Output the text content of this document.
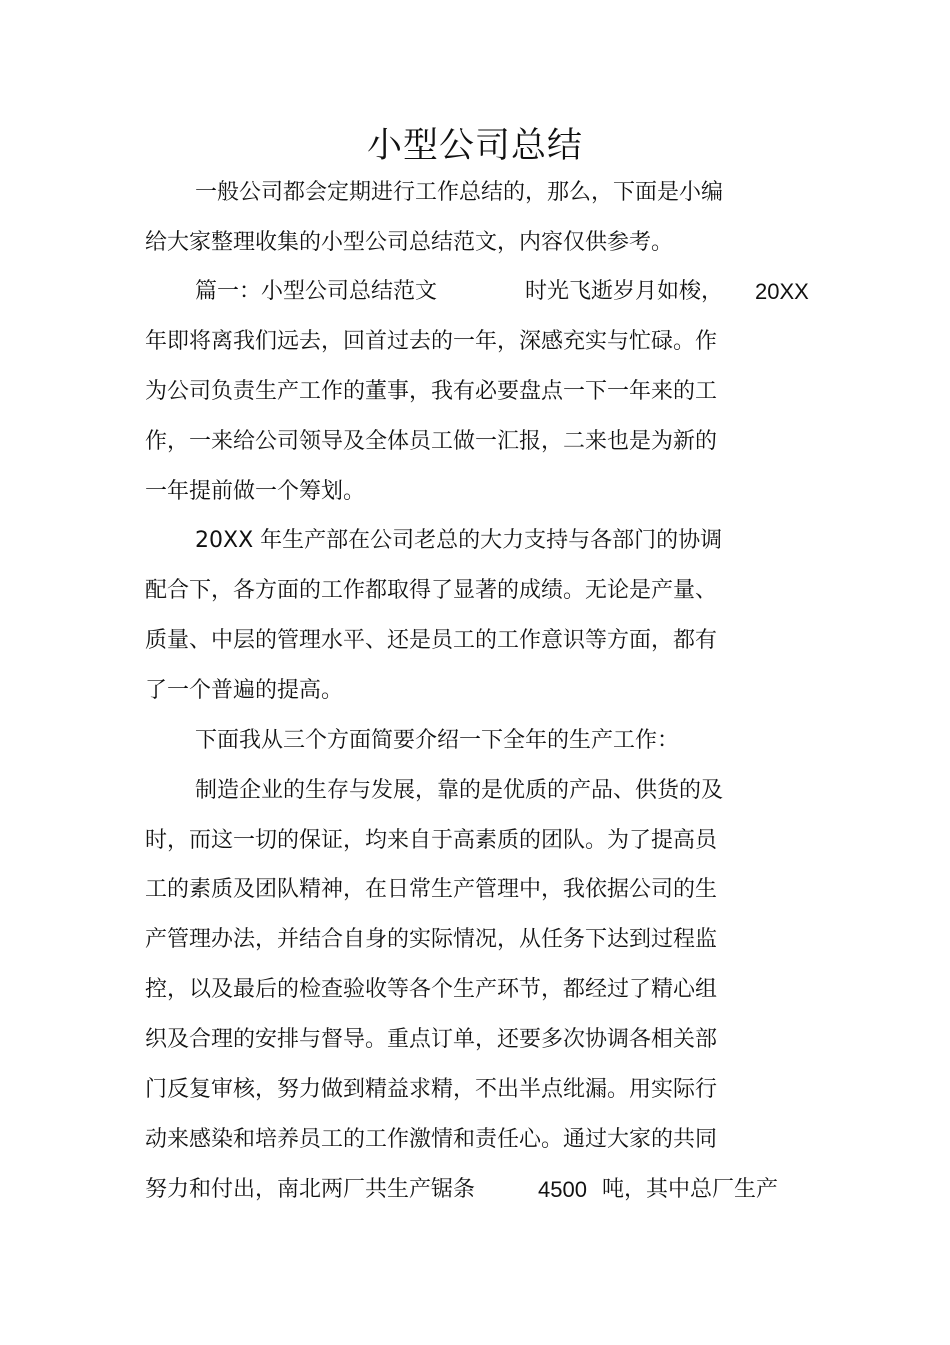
小型公司总结

一般公司都会定期进行工作总结的，那么，下面是小编

给大家整理收集的小型公司总结范文，内容仅供参考。

篇一：小型公司总结范文	时光飞逝岁月如梭， 20XX

年即将离我们远去，回首过去的一年，深感充实与忙碌。作

为公司负责生产工作的董事，我有必要盘点一下一年来的工

作，一来给公司领导及全体员工做一汇报，二来也是为新的

一年提前做一个筹划。

20XX 年生产部在公司老总的大力支持与各部门的协调

配合下，各方面的工作都取得了显著的成绩。无论是产量、

质量、中层的管理水平、还是员工的工作意识等方面，都有

了一个普遍的提高。

下面我从三个方面简要介绍一下全年的生产工作：

制造企业的生存与发展，靠的是优质的产品、供货的及

时，而这一切的保证，均来自于高素质的团队。为了提高员

工的素质及团队精神，在日常生产管理中，我依据公司的生

产管理办法，并结合自身的实际情况，从任务下达到过程监

控，以及最后的检查验收等各个生产环节，都经过了精心组

织及合理的安排与督导。重点订单，还要多次协调各相关部

门反复审核，努力做到精益求精，不出半点纰漏。用实际行

动来感染和培养员工的工作激情和责任心。通过大家的共同

努力和付出，南北两厂共生产锯条	4500 吨，其中总厂生产
